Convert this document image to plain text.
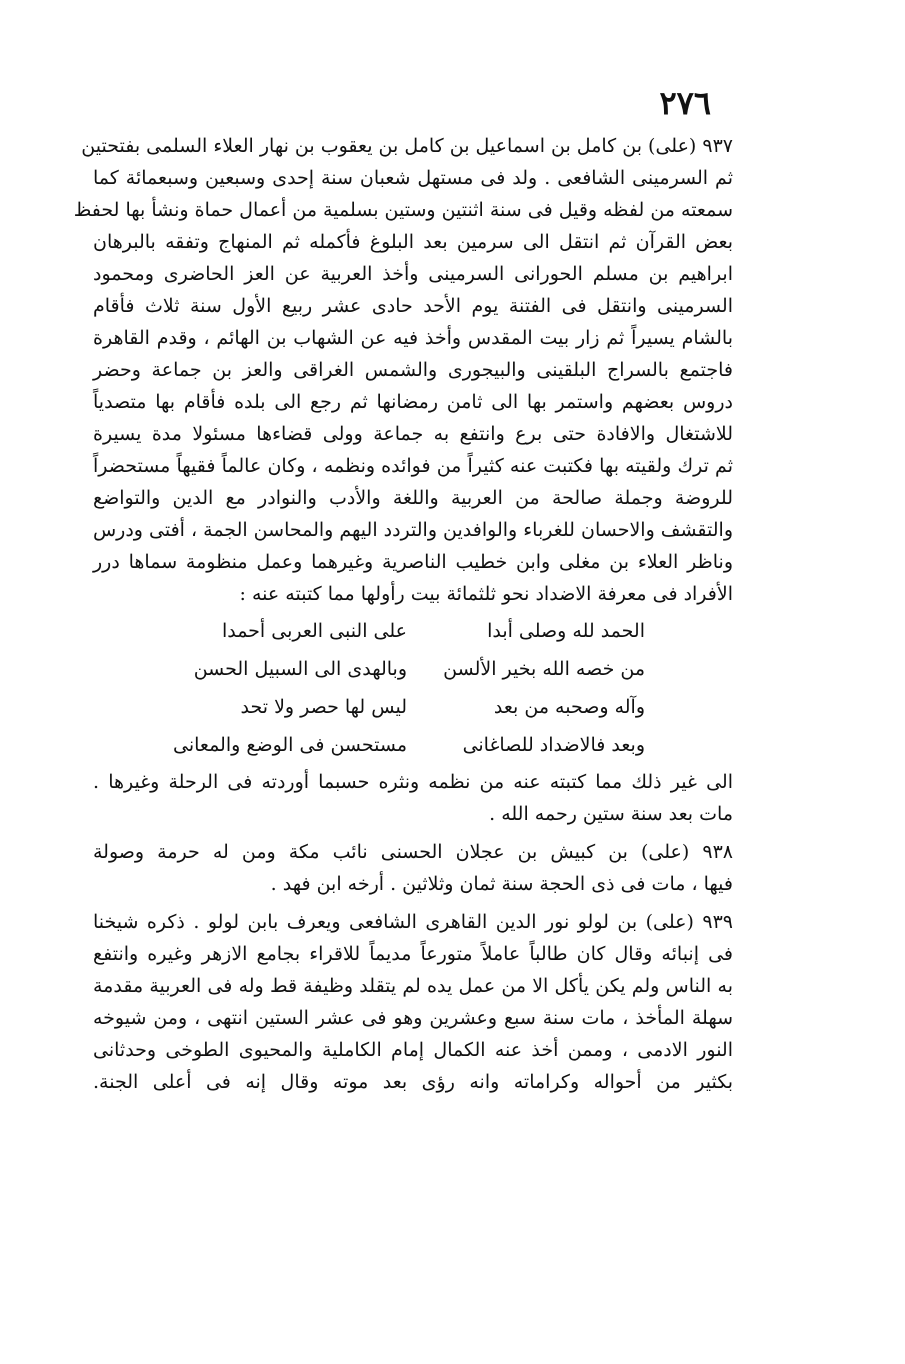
٢٧٦
٩٣٧ (على) بن كامل بن اسماعيل بن كامل بن يعقوب بن نهار العلاء السلمى بفتحتين
ثم السرمينى الشافعى . ولد فى مستهل شعبان سنة إحدى وسبعين وسبعمائة كما
سمعته من لفظه وقيل فى سنة اثنتين وستين بسلمية من أعمال حماة ونشأ بها لحفظ
بعض القرآن ثم انتقل الى سرمين بعد البلوغ فأكمله ثم المنهاج وتفقه بالبرهان
ابراهيم بن مسلم الحورانى السرمينى وأخذ العربية عن العز الحاضرى ومحمود
السرمينى وانتقل فى الفتنة يوم الأحد حادى عشر ربيع الأول سنة ثلاث فأقام
بالشام يسيراً ثم زار بيت المقدس وأخذ فيه عن الشهاب بن الهائم ، وقدم القاهرة
فاجتمع بالسراج البلقينى والبيجورى والشمس الغراقى والعز بن جماعة وحضر
دروس بعضهم واستمر بها الى ثامن رمضانها ثم رجع الى بلده فأقام بها متصدياً
للاشتغال والافادة حتى برع وانتفع به جماعة وولى قضاءها مسئولا مدة يسيرة
ثم ترك ولقيته بها فكتبت عنه كثيراً من فوائده ونظمه ، وكان عالماً فقيهاً مستحضراً
للروضة وجملة صالحة من العربية واللغة والأدب والنوادر مع الدين والتواضع
والتقشف والاحسان للغرباء والوافدين والتردد اليهم والمحاسن الجمة ، أفتى ودرس
وناظر العلاء بن مغلى وابن خطيب الناصرية وغيرهما وعمل منظومة سماها درر
الأفراد فى معرفة الاضداد نحو ثلثمائة بيت رأولها مما كتبته عنه :
الحمد لله وصلى أبدا
على النبى العربى أحمدا
من خصه الله بخير الألسن
وبالهدى الى السبيل الحسن
وآله وصحبه من بعد
ليس لها حصر ولا تحد
وبعد فالاضداد للصاغانى
مستحسن فى الوضع والمعانى
الى غير ذلك مما كتبته عنه من نظمه ونثره حسبما أوردته فى الرحلة وغيرها .
مات بعد سنة ستين رحمه الله .
٩٣٨ (على) بن كبيش بن عجلان الحسنى نائب مكة ومن له حرمة وصولة
فيها ، مات فى ذى الحجة سنة ثمان وثلاثين . أرخه ابن فهد .
٩٣٩ (على) بن لولو نور الدين القاهرى الشافعى ويعرف بابن لولو . ذكره شيخنا
فى إنبائه وقال كان طالباً عاملاً متورعاً مديماً للاقراء بجامع الازهر وغيره وانتفع
به الناس ولم يكن يأكل الا من عمل يده لم يتقلد وظيفة قط وله فى العربية مقدمة
سهلة المأخذ ، مات سنة سبع وعشرين وهو فى عشر الستين انتهى ، ومن شيوخه
النور الادمى ، وممن أخذ عنه الكمال إمام الكاملية والمحيوى الطوخى وحدثانى
بكثير من أحواله وكراماته وانه رؤى بعد موته وقال إنه فى أعلى الجنة.
